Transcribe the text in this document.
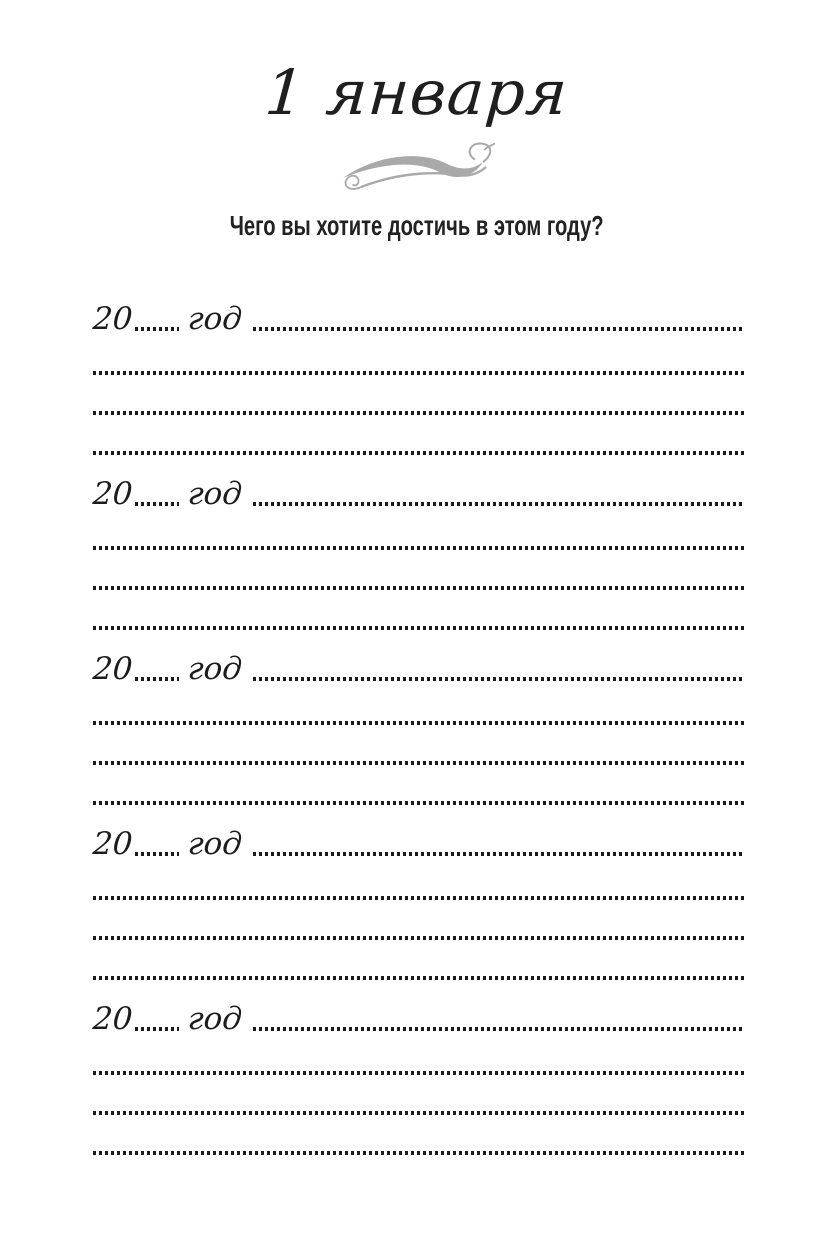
1 января
Чего вы хотите достичь в этом году?
20 год
20 год
20 год
20 год
20 год
